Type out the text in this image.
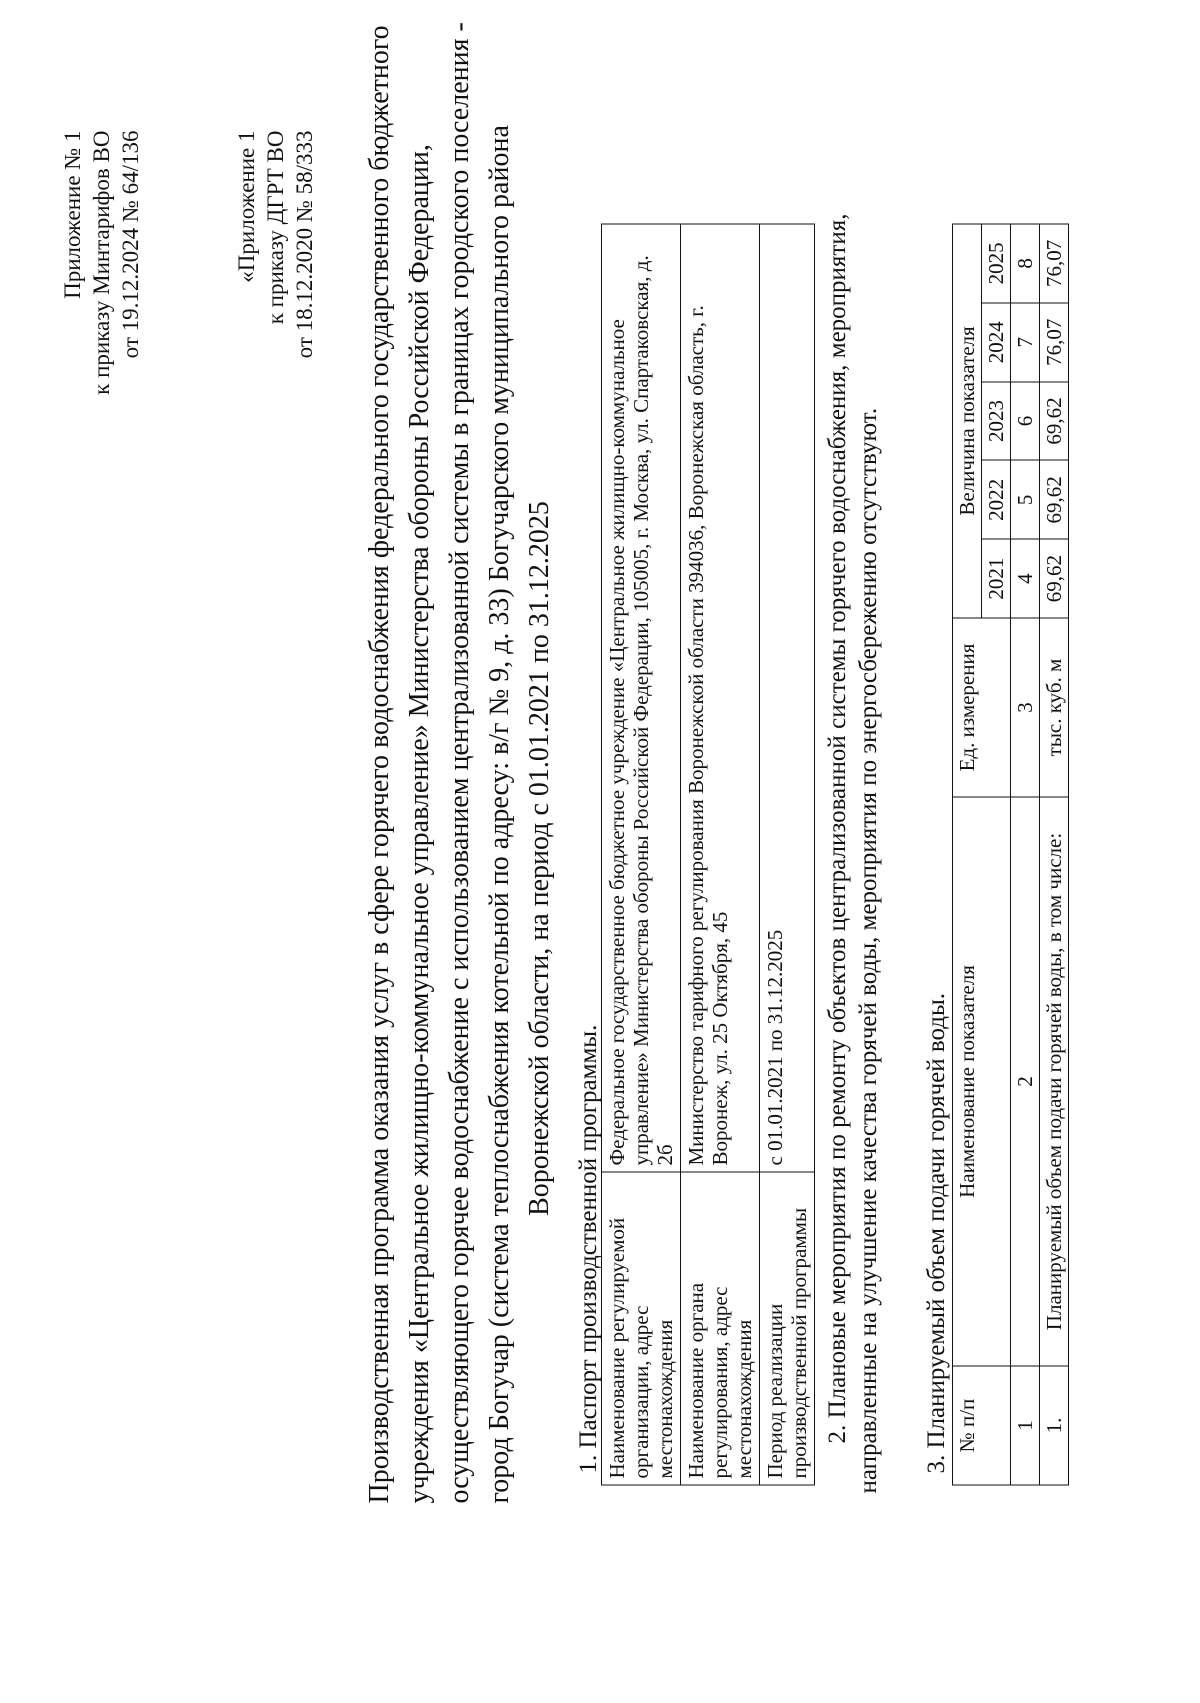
Приложение № 1 к приказу Минтарифов ВО от 19.12.2024 № 64/136	«Приложение 1 к приказу ДГРТ ВО от 18.12.2020 № 58/333 Производственная программа оказания услуг в сфере горячего водоснабжения федерального государственного бюджетного учреждения «Центральное жилищно-коммунальное управление» Министерства обороны Российской Федерации, осуществляющего горячее водоснабжение с использованием централизованной системы в границах городского поселения - город Богучар (система теплоснабжения котельной по адресу: в/г № 9, д. 33) Богучарского муниципального района Воронежской области, на период с 01.01.2021 по 31.12.2025
1. Паспорт производственной программы. Наименование регулируемой организации, адрес местонахождения	Федеральное государственное бюджетное учреждение «Центральное жилищно-коммунальное управление» Министерства обороны Российской Федерации, 105005, г. Москва, ул. Спартаковская, д. 2б
Наименование органа регулирования, адрес местонахождения	Министерство тарифного регулирования Воронежской области 394036, Воронежская область, г. Воронеж, ул. 25 Октября, 45
Период реализации производственной программы	с 01.01.2021 по 31.12.2025 2. Плановые мероприятия по ремонту объектов централизованной системы горячего водоснабжения, мероприятия, направленные на улучшение качества горячей воды, мероприятия по энергосбережению отсутствуют. 3. Планируемый объем подачи горячей воды. № п/п	Наименование показателя	Ед. измерения	Величина показателя				
			2021	2022	2023	2024	2025
1	2	3	4	5	6	7	8
1.	Планируемый объем подачи горячей воды, в том числе:	тыс. куб. м	69,62	69,62	69,62	76,07	76,07
